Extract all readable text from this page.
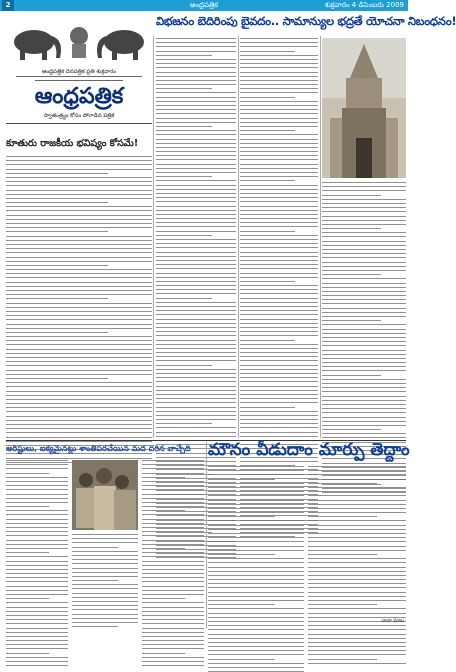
2	ఆంధ్రపత్రిక	శుక్రవారం 4 డిసెంబరు 2009
ఆంధ్రపత్రిక దినపత్రిక ప్రతి శుక్రవారం
ఆంధ్రపత్రిక
స్వాతంత్ర్యం కోసం పోరాడిన పత్రిక
విభజనం బెదిరింపు బైవదం.. సామాన్యుల భద్రతే యోచనా నిబంధనం!
కూతురు రాజకీయ భవిష్యం కోసమే!
అరిష్టులు, ఐక్యమైనట్లు శాంతిపరచేయిన మద దరిన వాచ్చేది	మౌనం వీడుదాం మార్పు తెద్దాం
నానా మాట
